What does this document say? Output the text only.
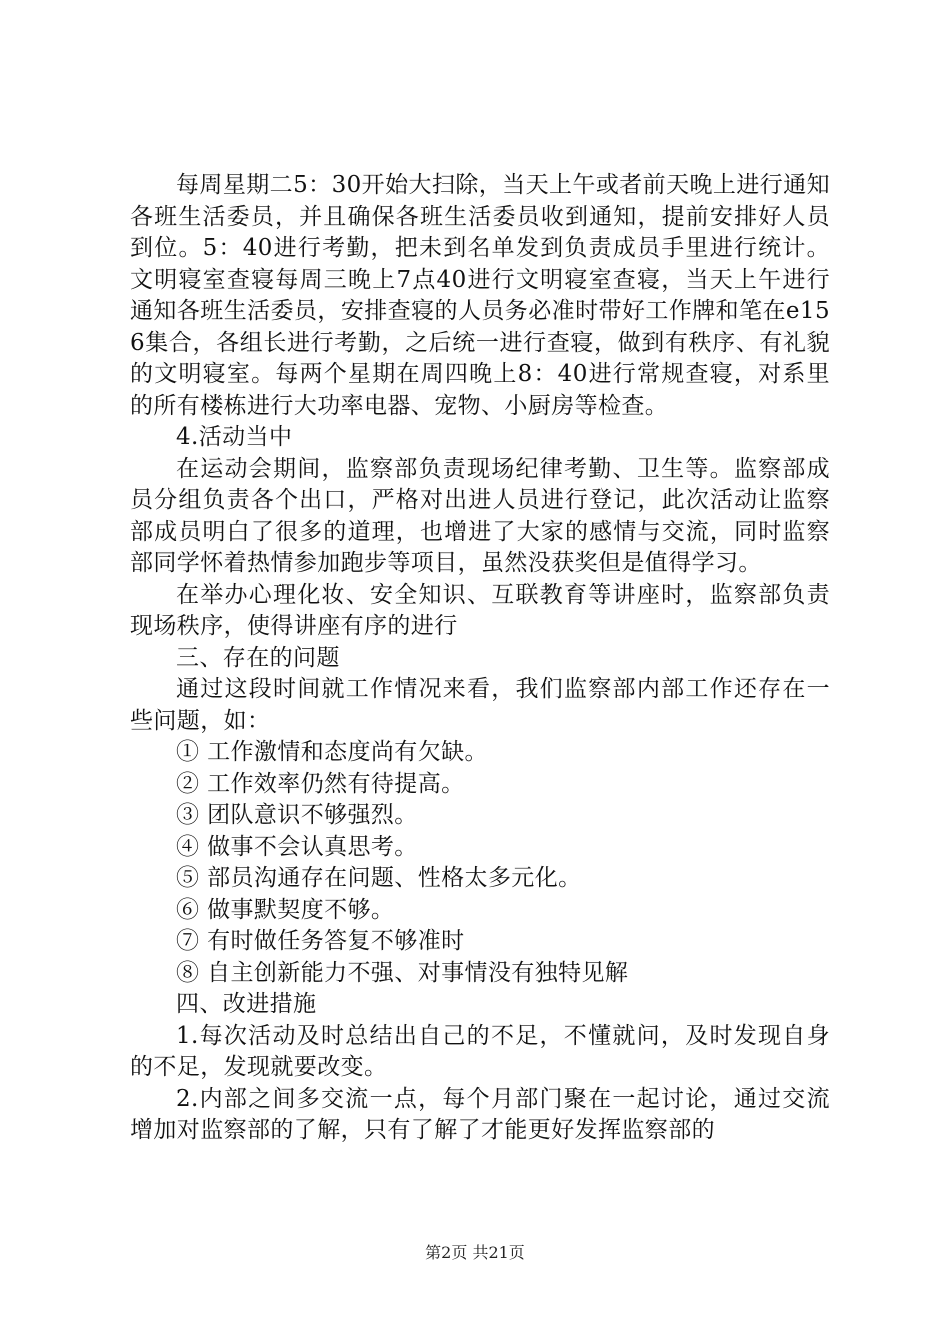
每周星期二5：30开始大扫除，当天上午或者前天晚上进行通知各班生活委员，并且确保各班生活委员收到通知，提前安排好人员到位。5：40进行考勤，把未到名单发到负责成员手里进行统计。文明寝室查寝每周三晚上7点40进行文明寝室查寝，当天上午进行通知各班生活委员，安排查寝的人员务必准时带好工作牌和笔在e156集合，各组长进行考勤，之后统一进行查寝，做到有秩序、有礼貌的文明寝室。每两个星期在周四晚上8：40进行常规查寝，对系里的所有楼栋进行大功率电器、宠物、小厨房等检查。

4.活动当中

在运动会期间，监察部负责现场纪律考勤、卫生等。监察部成员分组负责各个出口，严格对出进人员进行登记，此次活动让监察部成员明白了很多的道理，也增进了大家的感情与交流，同时监察部同学怀着热情参加跑步等项目，虽然没获奖但是值得学习。

在举办心理化妆、安全知识、互联教育等讲座时，监察部负责现场秩序，使得讲座有序的进行

三、存在的问题

通过这段时间就工作情况来看，我们监察部内部工作还存在一些问题，如：

① 工作激情和态度尚有欠缺。

② 工作效率仍然有待提高。

③ 团队意识不够强烈。

④ 做事不会认真思考。

⑤ 部员沟通存在问题、性格太多元化。

⑥ 做事默契度不够。

⑦ 有时做任务答复不够准时

⑧ 自主创新能力不强、对事情没有独特见解

四、改进措施

1.每次活动及时总结出自己的不足，不懂就问，及时发现自身的不足，发现就要改变。

2.内部之间多交流一点，每个月部门聚在一起讨论，通过交流增加对监察部的了解，只有了解了才能更好发挥监察部的

第2页 共21页
